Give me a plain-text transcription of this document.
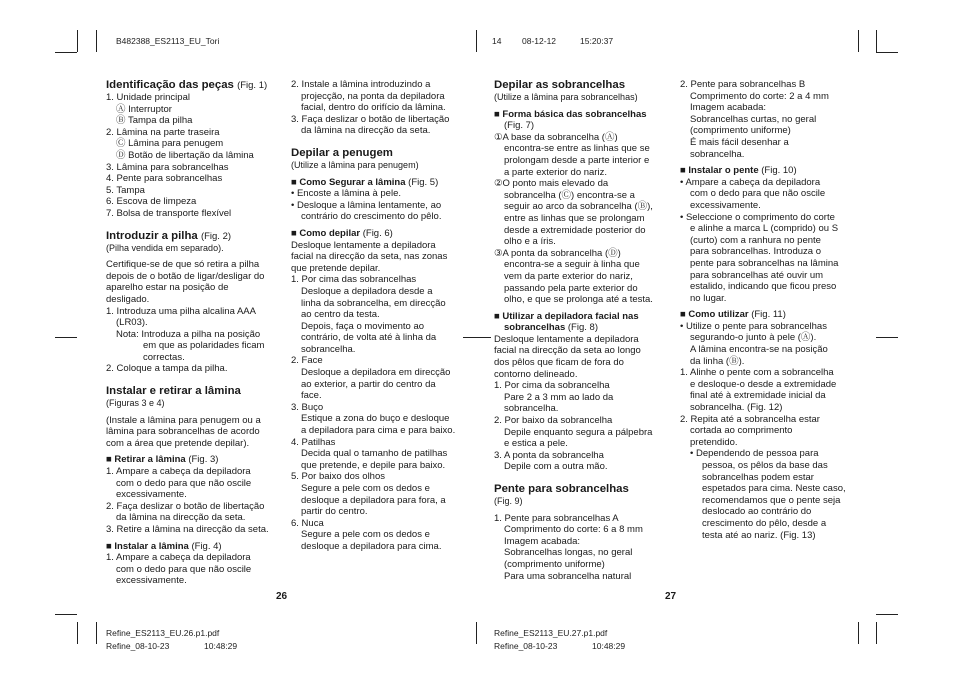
B482388_ES2113_EU_Tori	14 08-12-12	15:20:37

Identificação das peças (Fig. 1)

1. Unidade principal

Ⓐ Interruptor

Ⓑ Tampa da pilha

2. Lâmina na parte traseira

Ⓒ Lâmina para penugem

Ⓓ Botão de libertação da lâmina

3. Lâmina para sobrancelhas

4. Pente para sobrancelhas

5. Tampa

6. Escova de limpeza

7. Bolsa de transporte flexível

Introduzir a pilha (Fig. 2)

(Pilha vendida em separado).

Certifique-se de que só retira a pilha

depois de o botão de ligar/desligar do

aparelho estar na posição de

desligado.

1. Introduza uma pilha alcalina AAA

(LR03).

Nota: Introduza a pilha na posição

em que as polaridades ficam

correctas.

2. Coloque a tampa da pilha.

Instalar e retirar a lâmina

(Figuras 3 e 4)

(Instale a lâmina para penugem ou a

lâmina para sobrancelhas de acordo

com a área que pretende depilar).

■ Retirar a lâmina (Fig. 3)

1. Ampare a cabeça da depiladora

com o dedo para que não oscile

excessivamente.

2. Faça deslizar o botão de libertação

da lâmina na direcção da seta.

3. Retire a lâmina na direcção da seta.

■ Instalar a lâmina (Fig. 4)

1. Ampare a cabeça da depiladora

com o dedo para que não oscile

excessivamente.

2. Instale a lâmina introduzindo a

projecção, na ponta da depiladora

facial, dentro do orifício da lâmina.

3. Faça deslizar o botão de libertação

da lâmina na direcção da seta.

Depilar a penugem

(Utilize a lâmina para penugem)

■ Como Segurar a lâmina (Fig. 5)

• Encoste a lâmina à pele.

• Desloque a lâmina lentamente, ao

contrário do crescimento do pêlo.

■ Como depilar (Fig. 6)

Desloque lentamente a depiladora

facial na direcção da seta, nas zonas

que pretende depilar.

1. Por cima das sobrancelhas

Desloque a depiladora desde a

linha da sobrancelha, em direcção

ao centro da testa.

Depois, faça o movimento ao

contrário, de volta até à linha da

sobrancelha.

2. Face

Desloque a depiladora em direcção

ao exterior, a partir do centro da

face.

3. Buço

Estique a zona do buço e desloque

a depiladora para cima e para baixo.

4. Patilhas

Decida qual o tamanho de patilhas

que pretende, e depile para baixo.

5. Por baixo dos olhos

Segure a pele com os dedos e

desloque a depiladora para fora, a

partir do centro.

6. Nuca

Segure a pele com os dedos e

desloque a depiladora para cima.

26

Depilar as sobrancelhas

(Utilize a lâmina para sobrancelhas)

■ Forma básica das sobrancelhas

(Fig. 7)

①A base da sobrancelha (Ⓐ)

encontra-se entre as linhas que se

prolongam desde a parte interior e

a parte exterior do nariz.

②O ponto mais elevado da

sobrancelha (Ⓒ) encontra-se a

seguir ao arco da sobrancelha (Ⓑ),

entre as linhas que se prolongam

desde a extremidade posterior do

olho e a íris.

③A ponta da sobrancelha (Ⓓ)

encontra-se a seguir à linha que

vem da parte exterior do nariz,

passando pela parte exterior do

olho, e que se prolonga até a testa.

■ Utilizar a depiladora facial nas

sobrancelhas (Fig. 8)

Desloque lentamente a depiladora

facial na direcção da seta ao longo

dos pêlos que ficam de fora do

contorno delineado.

1. Por cima da sobrancelha

Pare 2 a 3 mm ao lado da

sobrancelha.

2. Por baixo da sobrancelha

Depile enquanto segura a pálpebra

e estica a pele.

3. A ponta da sobrancelha

Depile com a outra mão.

Pente para sobrancelhas

(Fig. 9)

1. Pente para sobrancelhas A

Comprimento do corte: 6 a 8 mm

Imagem acabada:

Sobrancelhas longas, no geral

(comprimento uniforme)

Para uma sobrancelha natural

2. Pente para sobrancelhas B

Comprimento do corte: 2 a 4 mm

Imagem acabada:

Sobrancelhas curtas, no geral

(comprimento uniforme)

É mais fácil desenhar a

sobrancelha.

■ Instalar o pente (Fig. 10)

• Ampare a cabeça da depiladora

com o dedo para que não oscile

excessivamente.

• Seleccione o comprimento do corte

e alinhe a marca L (comprido) ou S

(curto) com a ranhura no pente

para sobrancelhas. Introduza o

pente para sobrancelhas na lâmina

para sobrancelhas até ouvir um

estalido, indicando que ficou preso

no lugar.

■ Como utilizar (Fig. 11)

• Utilize o pente para sobrancelhas

segurando-o junto à pele (Ⓐ).

A lâmina encontra-se na posição

da linha (Ⓑ).

1. Alinhe o pente com a sobrancelha

e desloque-o desde a extremidade

final até à extremidade inicial da

sobrancelha. (Fig. 12)

2. Repita até a sobrancelha estar

cortada ao comprimento

pretendido.

• Dependendo de pessoa para

pessoa, os pêlos da base das

sobrancelhas podem estar

espetados para cima. Neste caso,

recomendamos que o pente seja

deslocado ao contrário do

crescimento do pêlo, desde a

testa até ao nariz. (Fig. 13)

27
Refine_ES2113_EU.26.p1.pdf
Refine_08-10-23	10:48:29
Refine_ES2113_EU.27.p1.pdf
Refine_08-10-23	10:48:29
